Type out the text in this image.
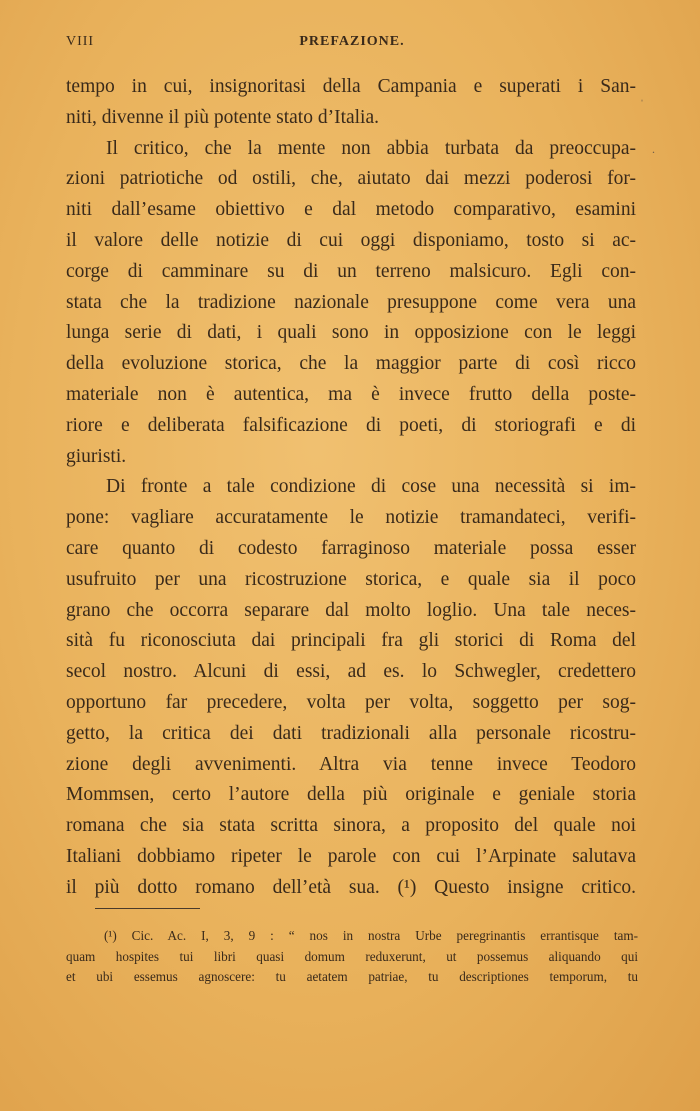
VIII	PREFAZIONE.
tempo in cui, insignoritasi della Campania e superati i San-
niti, divenne il più potente stato d’Italia.
Il critico, che la mente non abbia turbata da preoccupa-
zioni patriotiche od ostili, che, aiutato dai mezzi poderosi for-
niti dall’esame obiettivo e dal metodo comparativo, esamini
il valore delle notizie di cui oggi disponiamo, tosto si ac-
corge di camminare su di un terreno malsicuro. Egli con-
stata che la tradizione nazionale presuppone come vera una
lunga serie di dati, i quali sono in opposizione con le leggi
della evoluzione storica, che la maggior parte di così ricco
materiale non è autentica, ma è invece frutto della poste-
riore e deliberata falsificazione di poeti, di storiografi e di
giuristi.
Di fronte a tale condizione di cose una necessità si im-
pone: vagliare accuratamente le notizie tramandateci, verifi-
care quanto di codesto farraginoso materiale possa esser
usufruito per una ricostruzione storica, e quale sia il poco
grano che occorra separare dal molto loglio. Una tale neces-
sità fu riconosciuta dai principali fra gli storici di Roma del
secol nostro. Alcuni di essi, ad es. lo Schwegler, credettero
opportuno far precedere, volta per volta, soggetto per sog-
getto, la critica dei dati tradizionali alla personale ricostru-
zione degli avvenimenti. Altra via tenne invece Teodoro
Mommsen, certo l’autore della più originale e geniale storia
romana che sia stata scritta sinora, a proposito del quale noi
Italiani dobbiamo ripeter le parole con cui l’Arpinate salutava
il più dotto romano dell’età sua. (¹) Questo insigne critico.
ˌ
.
(¹) Cic. Ac. I, 3, 9 : “ nos in nostra Urbe peregrinantis errantisque tam-
quam hospites tui libri quasi domum reduxerunt, ut possemus aliquando qui
et ubi essemus agnoscere: tu aetatem patriae, tu descriptiones temporum, tu
